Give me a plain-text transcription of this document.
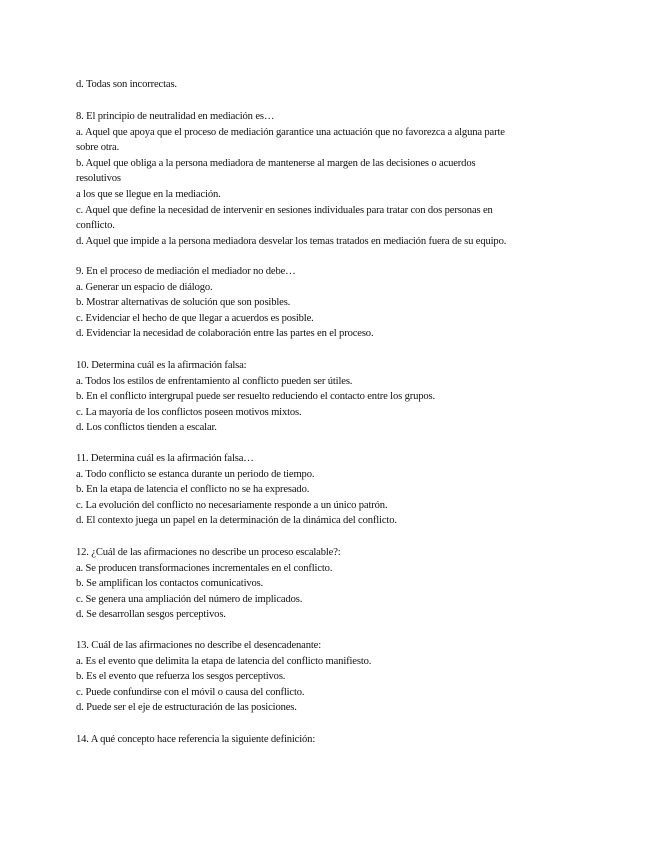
d. Todas son incorrectas.
8. El principio de neutralidad en mediación es…
a. Aquel que apoya que el proceso de mediación garantice una actuación que no favorezca a alguna parte
sobre otra.
b. Aquel que obliga a la persona mediadora de mantenerse al margen de las decisiones o acuerdos
resolutivos
a los que se llegue en la mediación.
c. Aquel que define la necesidad de intervenir en sesiones individuales para tratar con dos personas en
conflicto.
d. Aquel que impide a la persona mediadora desvelar los temas tratados en mediación fuera de su equipo.
9. En el proceso de mediación el mediador no debe…
a. Generar un espacio de diálogo.
b. Mostrar alternativas de solución que son posibles.
c. Evidenciar el hecho de que llegar a acuerdos es posible.
d. Evidenciar la necesidad de colaboración entre las partes en el proceso.
10. Determina cuál es la afirmación falsa:
a. Todos los estilos de enfrentamiento al conflicto pueden ser útiles.
b. En el conflicto intergrupal puede ser resuelto reduciendo el contacto entre los grupos.
c. La mayoría de los conflictos poseen motivos mixtos.
d. Los conflictos tienden a escalar.
11. Determina cuál es la afirmación falsa…
a. Todo conflicto se estanca durante un periodo de tiempo.
b. En la etapa de latencia el conflicto no se ha expresado.
c. La evolución del conflicto no necesariamente responde a un único patrón.
d. El contexto juega un papel en la determinación de la dinámica del conflicto.
12. ¿Cuál de las afirmaciones no describe un proceso escalable?:
a. Se producen transformaciones incrementales en el conflicto.
b. Se amplifican los contactos comunicativos.
c. Se genera una ampliación del número de implicados.
d. Se desarrollan sesgos perceptivos.
13. Cuál de las afirmaciones no describe el desencadenante:
a. Es el evento que delimita la etapa de latencia del conflicto manifiesto.
b. Es el evento que refuerza los sesgos perceptivos.
c. Puede confundirse con el móvil o causa del conflicto.
d. Puede ser el eje de estructuración de las posiciones.
14. A qué concepto hace referencia la siguiente definición:
